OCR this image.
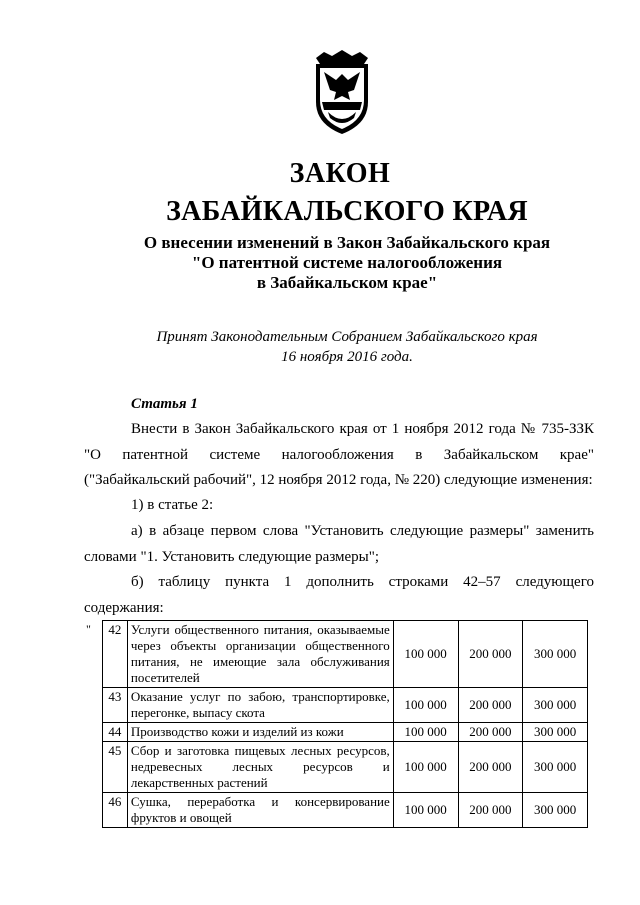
ЗАКОН
ЗАБАЙКАЛЬСКОГО КРАЯ
О внесении изменений в Закон Забайкальского края
"О патентной системе налогообложения
в Забайкальском крае"
Принят Законодательным Собранием Забайкальского края
16 ноября 2016 года.
Статья 1
Внести в Закон Забайкальского края от 1 ноября 2012 года № 735-ЗЗК "О патентной системе налогообложения в Забайкальском крае" ("Забайкальский рабочий", 12 ноября 2012 года, № 220) следующие изменения:
1) в статье 2:
а) в абзаце первом слова "Установить следующие размеры" заменить словами "1. Установить следующие размеры";
б) таблицу пункта 1 дополнить строками 42–57 следующего содержания:
"	42	Услуги общественного питания, оказываемые через объекты организации общественного питания, не имеющие зала обслуживания посетителей	100 000	200 000	300 000
	43	Оказание услуг по забою, транспортировке, перегонке, выпасу скота	100 000	200 000	300 000
	44	Производство кожи и изделий из кожи	100 000	200 000	300 000
	45	Сбор и заготовка пищевых лесных ресурсов, недревесных лесных ресурсов и лекарственных растений	100 000	200 000	300 000
	46	Сушка, переработка и консервирование фруктов и овощей	100 000	200 000	300 000
